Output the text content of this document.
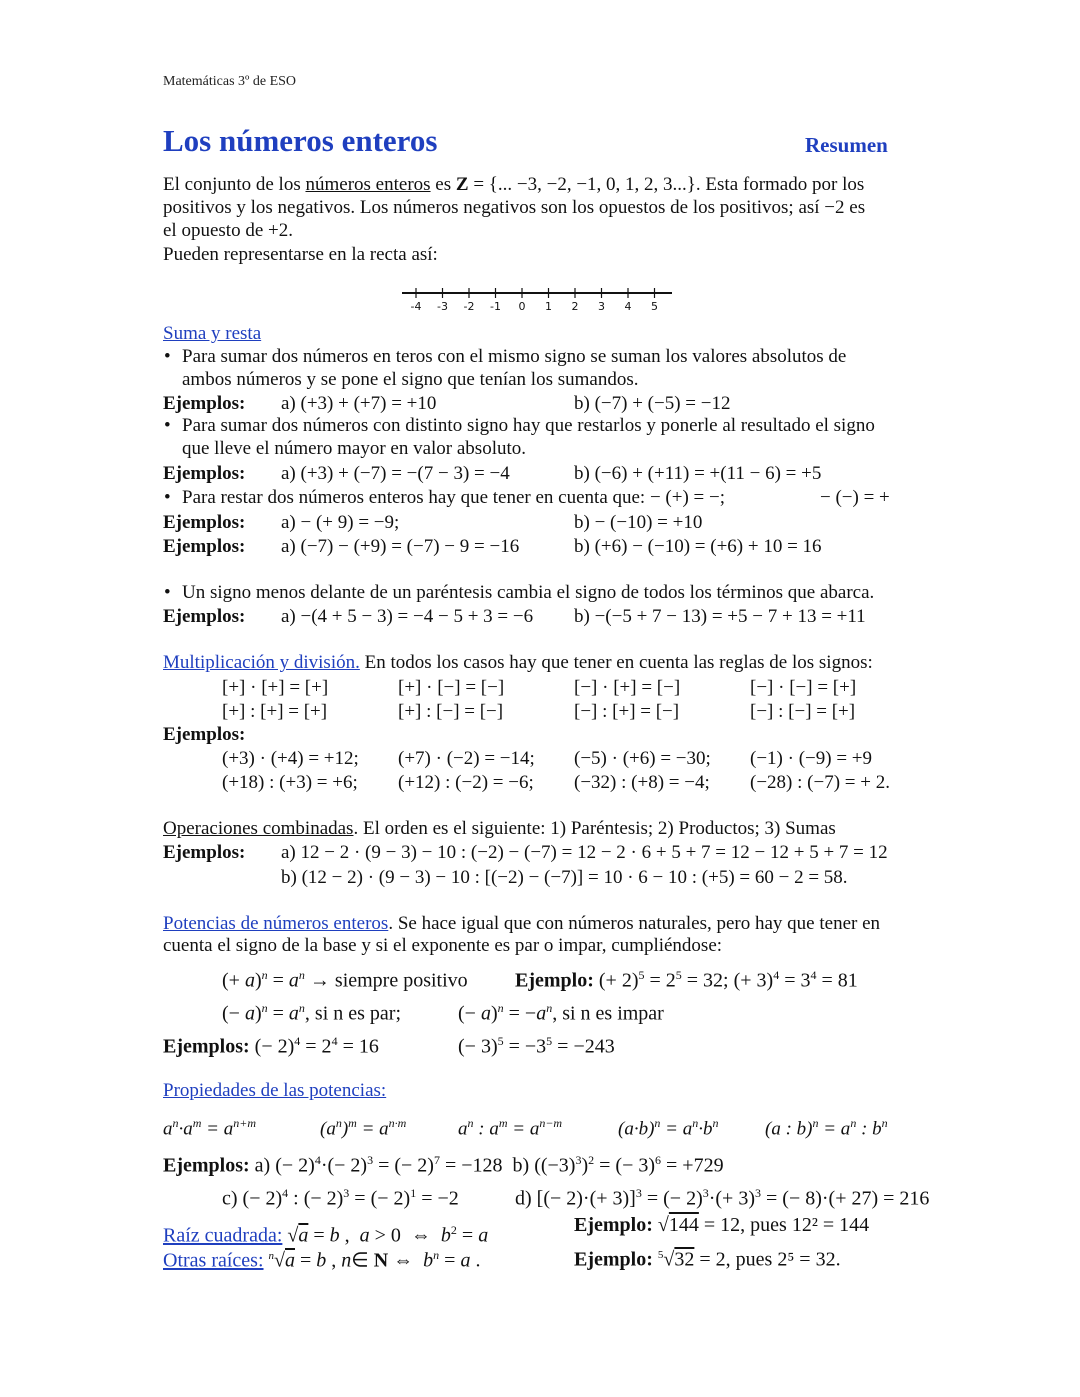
Matemáticas 3º de ESO
Los números enteros	Resumen
El conjunto de los números enteros es Z = {... −3, −2, −1, 0, 1, 2, 3...}. Esta formado por los
positivos y los negativos. Los números negativos son los opuestos de los positivos; así −2 es
el opuesto de +2.
Pueden representarse en la recta así:
-4 -3 -2 -1 0 1 2 3 4 5
Suma y resta
• Para sumar dos números en teros con el mismo signo se suman los valores absolutos de
ambos números y se pone el signo que tenían los sumandos.
Ejemplos: a) (+3) + (+7) = +10	b) (−7) + (−5) = −12
• Para sumar dos números con distinto signo hay que restarlos y ponerle al resultado el signo
que lleve el número mayor en valor absoluto.
Ejemplos: a) (+3) + (−7) = −(7 − 3) = −4	b) (−6) + (+11) = +(11 − 6) = +5
• Para restar dos números enteros hay que tener en cuenta que: − (+) = −;	− (−) = +
Ejemplos: a) − (+ 9) = −9;	b) − (−10) = +10
Ejemplos: a) (−7) − (+9) = (−7) − 9 = −16	b) (+6) − (−10) = (+6) + 10 = 16
• Un signo menos delante de un paréntesis cambia el signo de todos los términos que abarca.
Ejemplos: a) −(4 + 5 − 3) = −4 − 5 + 3 = −6 b) −(−5 + 7 − 13) = +5 − 7 + 13 = +11
Multiplicación y división. En todos los casos hay que tener en cuenta las reglas de los signos:
[+] · [+] = [+]	[+] · [−] = [−]	[−] · [+] = [−]	[−] · [−] = [+]
[+] : [+] = [+]	[+] : [−] = [−]	[−] : [+] = [−]	[−] : [−] = [+]
Ejemplos:
(+3) · (+4) = +12; (+7) · (−2) = −14; (−5) · (+6) = −30; (−1) · (−9) = +9
(+18) : (+3) = +6; (+12) : (−2) = −6; (−32) : (+8) = −4; (−28) : (−7) = + 2.
Operaciones combinadas. El orden es el siguiente: 1) Paréntesis; 2) Productos; 3) Sumas
Ejemplos: a) 12 − 2 · (9 − 3) − 10 : (−2) − (−7) = 12 − 2 · 6 + 5 + 7 = 12 − 12 + 5 + 7 = 12
b) (12 − 2) · (9 − 3) − 10 : [(−2) − (−7)] = 10 · 6 − 10 : (+5) = 60 − 2 = 58.
Potencias de números enteros. Se hace igual que con números naturales, pero hay que tener en
cuenta el signo de la base y si el exponente es par o impar, cumpliéndose:
(+ $a)^n = a^n$ → siempre positivo Ejemplo: (+ $2)^5 = 2^5 = 32$; (+ $3)^4 = 3^4 = 81$
(− $a)^n = a^n$, si n es par;	(− $a)^n = -a^n$, si n es impar
Ejemplos: (− $2)^4 = 2^4 = 16$	(− $3)^5 = -3^5 = -243$
Propiedades de las potencias:
$a^n\cdot a^m = a^{n+m}$	$(a^n)^m = a^{n\cdot m}$	$a^n$ : $a^m = a^{n-m}$	$(a\cdot b)^n = a^n\cdot b^n$ (a : $b)^n = a^n$ : $b^n$
Ejemplos: a) (− $2)^4\cdot(- 2)^3$ = (− 2)$^7$ = −128  b) $((-3)^3)^2$ = (− 3)$^6$ = +729
c) (− 2)$^4$ : (− 2)$^3$ = (− 2)$^1$ = −2	d) [(− 2)·(+ 3)]$^3$ = (− $2)^3\cdot(+ 3)^3$ = (− 8)·(+ 27) = 216
Raíz cuadrada: √a = b ,  a > 0  ⇔  $b^2 = a$	Ejemplo: √144 = 12, pues 12² = 144
Otras raíces: $^n$√a = b , n∈ N ⇔  $b^n = a$ .	Ejemplo: $^5$√32 = 2, pues 2⁵ = 32.
